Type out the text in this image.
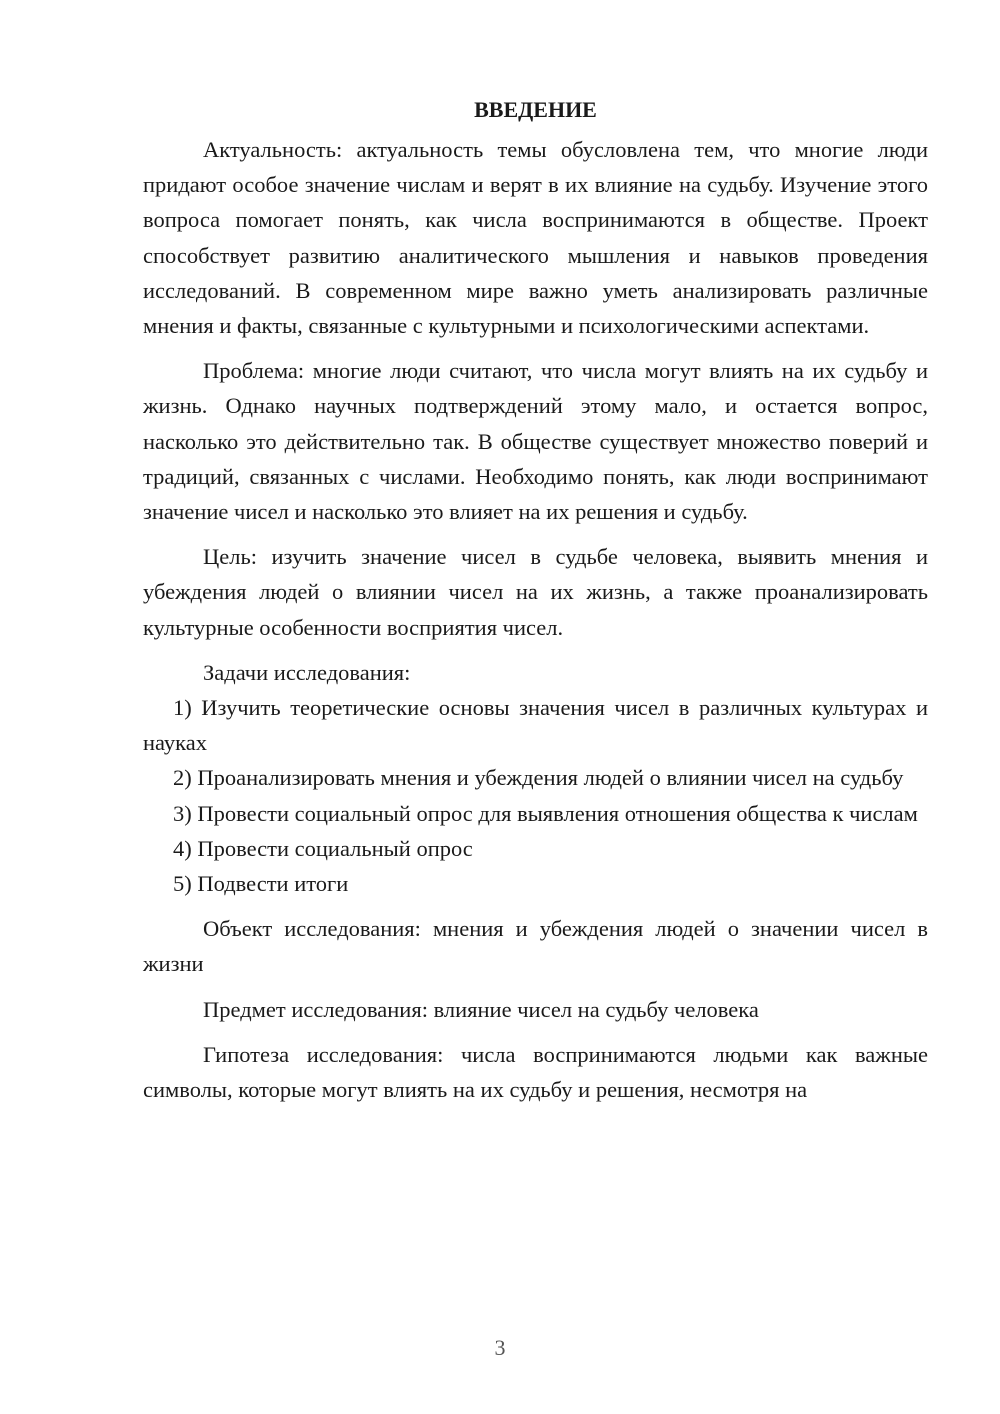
ВВЕДЕНИЕ

Актуальность: актуальность темы обусловлена тем, что многие люди придают особое значение числам и верят в их влияние на судьбу. Изучение этого вопроса помогает понять, как числа воспринимаются в обществе. Проект способствует развитию аналитического мышления и навыков проведения исследований. В современном мире важно уметь анализировать различные мнения и факты, связанные с культурными и психологическими аспектами.

Проблема: многие люди считают, что числа могут влиять на их судьбу и жизнь. Однако научных подтверждений этому мало, и остается вопрос, насколько это действительно так. В обществе существует множество поверий и традиций, связанных с числами. Необходимо понять, как люди воспринимают значение чисел и насколько это влияет на их решения и судьбу.

Цель: изучить значение чисел в судьбе человека, выявить мнения и убеждения людей о влиянии чисел на их жизнь, а также проанализировать культурные особенности восприятия чисел.

Задачи исследования:

1) Изучить теоретические основы значения чисел в различных культурах и науках

2) Проанализировать мнения и убеждения людей о влиянии чисел на судьбу

3) Провести социальный опрос для выявления отношения общества к числам

4) Провести социальный опрос

5) Подвести итоги

Объект исследования: мнения и убеждения людей о значении чисел в жизни

Предмет исследования: влияние чисел на судьбу человека

Гипотеза исследования: числа воспринимаются людьми как важные символы, которые могут влиять на их судьбу и решения, несмотря на

3
